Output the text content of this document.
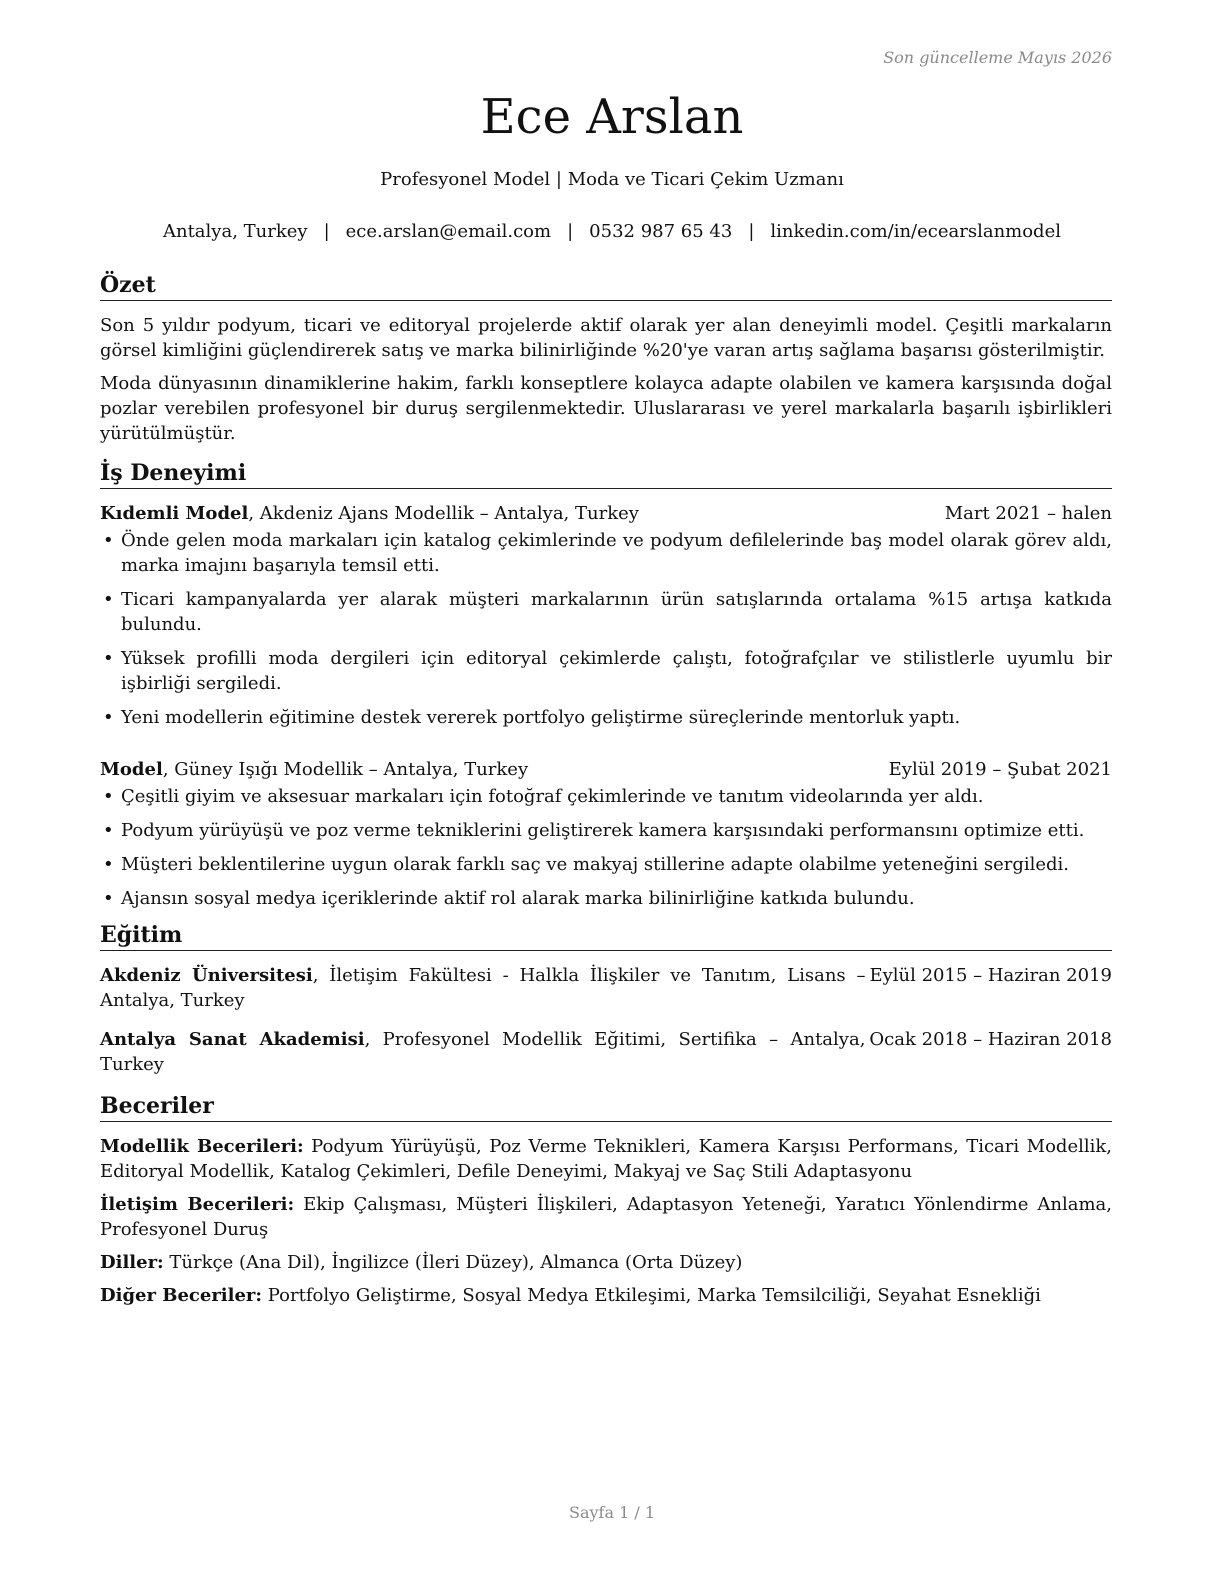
Son güncelleme Mayıs 2026
Ece Arslan
Profesyonel Model | Moda ve Ticari Çekim Uzmanı
Antalya, Turkey | ece.arslan@email.com | 0532 987 65 43 | linkedin.com/in/ecearslanmodel
Özet

Son 5 yıldır podyum, ticari ve editoryal projelerde aktif olarak yer alan deneyimli model. Çeşitli markaların görsel kimliğini güçlendirerek satış ve marka bilinirliğinde %20'ye varan artış sağlama başarısı gösterilmiştir.

Moda dünyasının dinamiklerine hakim, farklı konseptlere kolayca adapte olabilen ve kamera karşısında doğal pozlar verebilen profesyonel bir duruş sergilenmektedir. Uluslararası ve yerel markalarla başarılı işbirlikleri yürütülmüştür.

İş Deneyimi
Kıdemli Model, Akdeniz Ajans Modellik – Antalya, Turkey	Mart 2021 – halen
• Önde gelen moda markaları için katalog çekimlerinde ve podyum defilelerinde baş model olarak görev aldı, marka imajını başarıyla temsil etti.
• Ticari kampanyalarda yer alarak müşteri markalarının ürün satışlarında ortalama %15 artışa katkıda bulundu.
• Yüksek profilli moda dergileri için editoryal çekimlerde çalıştı, fotoğrafçılar ve stilistlerle uyumlu bir işbirliği sergiledi.
• Yeni modellerin eğitimine destek vererek portfolyo geliştirme süreçlerinde mentorluk yaptı.
Model, Güney Işığı Modellik – Antalya, Turkey	Eylül 2019 – Şubat 2021
• Çeşitli giyim ve aksesuar markaları için fotoğraf çekimlerinde ve tanıtım videolarında yer aldı.
• Podyum yürüyüşü ve poz verme tekniklerini geliştirerek kamera karşısındaki performansını optimize etti.
• Müşteri beklentilerine uygun olarak farklı saç ve makyaj stillerine adapte olabilme yeteneğini sergiledi.
• Ajansın sosyal medya içeriklerinde aktif rol alarak marka bilinirliğine katkıda bulundu.
Eğitim
Akdeniz Üniversitesi, İletişim Fakültesi - Halkla İlişkiler ve Tanıtım, Lisans – Antalya, Turkey
Eylül 2015 – Haziran 2019
Antalya Sanat Akademisi, Profesyonel Modellik Eğitimi, Sertifika – Antalya, Turkey
Ocak 2018 – Haziran 2018
Beceriler

Modellik Becerileri: Podyum Yürüyüşü, Poz Verme Teknikleri, Kamera Karşısı Performans, Ticari Modellik, Editoryal Modellik, Katalog Çekimleri, Defile Deneyimi, Makyaj ve Saç Stili Adaptasyonu

İletişim Becerileri: Ekip Çalışması, Müşteri İlişkileri, Adaptasyon Yeteneği, Yaratıcı Yönlendirme Anlama, Profesyonel Duruş

Diller: Türkçe (Ana Dil), İngilizce (İleri Düzey), Almanca (Orta Düzey)

Diğer Beceriler: Portfolyo Geliştirme, Sosyal Medya Etkileşimi, Marka Temsilciliği, Seyahat Esnekliği

Sayfa 1 / 1
